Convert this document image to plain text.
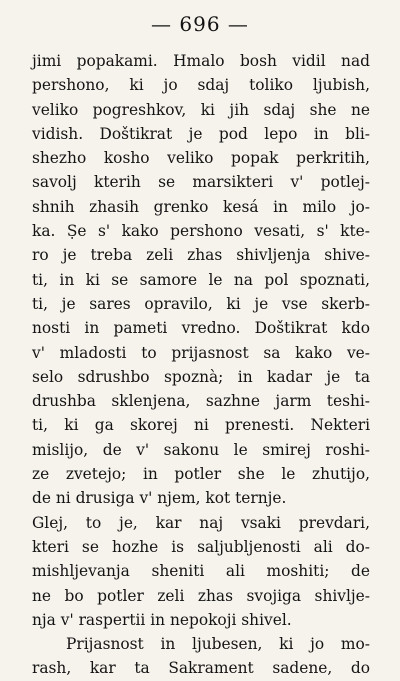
— 696 —
jimi popakami. Hmalo bosh vidil nad
pershono, ki jo sdaj toliko ljubish,
veliko pogreshkov, ki jih sdaj she ne
vidish. Doštikrat je pod lepo in bli-
shezho kosho veliko popak perkritih,
savolj kterih se marsikteri v' potlej-
shnih zhasih grenko kesá in milo jo-
ka. Ṣe s' kako pershono vesati, s' kte-
ro je treba zeli zhas shivljenja shive-
ti, in ki se samore le na pol spoznati,
ti, je sares opravilo, ki je vse skerb-
nosti in pameti vredno. Doštikrat kdo
v' mladosti to prijasnost sa kako ve-
selo sdrushbo spoznà; in kadar je ta
drushba sklenjena, sazhne jarm teshi-
ti, ki ga skorej ni prenesti. Nekteri
mislijo, de v' sakonu le smirej roshi-
ze zvetejo; in potler she le zhutijo,
de ni drusiga v' njem, kot ternje.
Glej, to je, kar naj vsaki prevdari,
kteri se hozhe is saljubljenosti ali do-
mishljevanja sheniti ali moshiti; de
ne bo potler zeli zhas svojiga shivlje-
nja v' raspertii in nepokoji shivel.
Prijasnost in ljubesen, ki jo mo-
rash, kar ta Sakrament sadene, do
